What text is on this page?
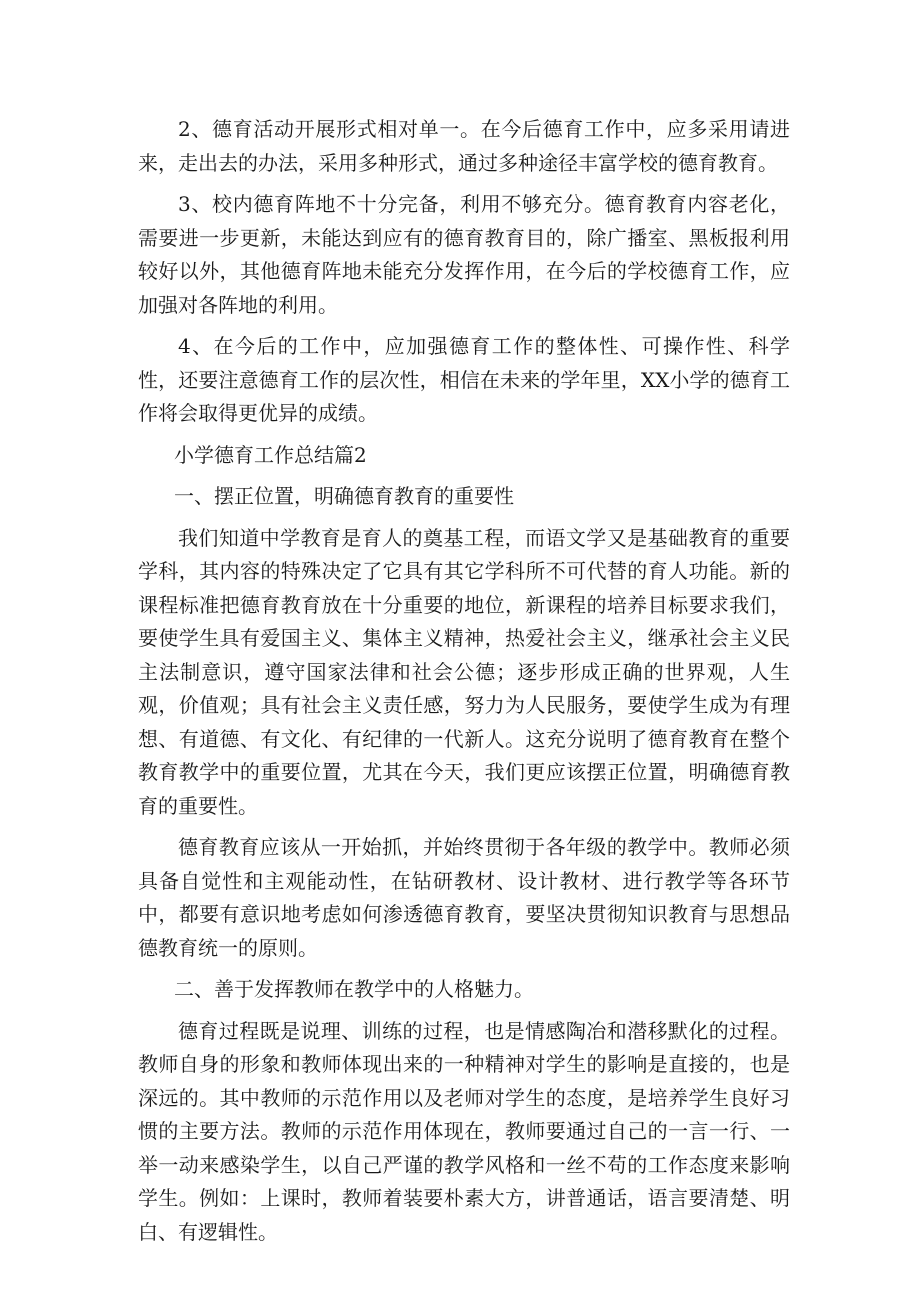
2、德育活动开展形式相对单一。在今后德育工作中，应多采用请进来，走出去的办法，采用多种形式，通过多种途径丰富学校的德育教育。

3、校内德育阵地不十分完备，利用不够充分。德育教育内容老化，需要进一步更新，未能达到应有的德育教育目的，除广播室、黑板报利用较好以外，其他德育阵地未能充分发挥作用，在今后的学校德育工作，应加强对各阵地的利用。

4、在今后的工作中，应加强德育工作的整体性、可操作性、科学性，还要注意德育工作的层次性，相信在未来的学年里，XX小学的德育工作将会取得更优异的成绩。

小学德育工作总结篇2

一、摆正位置，明确德育教育的重要性

我们知道中学教育是育人的奠基工程，而语文学又是基础教育的重要学科，其内容的特殊决定了它具有其它学科所不可代替的育人功能。新的课程标准把德育教育放在十分重要的地位，新课程的培养目标要求我们，要使学生具有爱国主义、集体主义精神，热爱社会主义，继承社会主义民主法制意识，遵守国家法律和社会公德；逐步形成正确的世界观，人生观，价值观；具有社会主义责任感，努力为人民服务，要使学生成为有理想、有道德、有文化、有纪律的一代新人。这充分说明了德育教育在整个教育教学中的重要位置，尤其在今天，我们更应该摆正位置，明确德育教育的重要性。

德育教育应该从一开始抓，并始终贯彻于各年级的教学中。教师必须具备自觉性和主观能动性，在钻研教材、设计教材、进行教学等各环节中，都要有意识地考虑如何渗透德育教育，要坚决贯彻知识教育与思想品德教育统一的原则。

二、善于发挥教师在教学中的人格魅力。

德育过程既是说理、训练的过程，也是情感陶冶和潜移默化的过程。教师自身的形象和教师体现出来的一种精神对学生的影响是直接的，也是深远的。其中教师的示范作用以及老师对学生的态度，是培养学生良好习惯的主要方法。教师的示范作用体现在，教师要通过自己的一言一行、一举一动来感染学生，以自己严谨的教学风格和一丝不苟的工作态度来影响学生。例如：上课时，教师着装要朴素大方，讲普通话，语言要清楚、明白、有逻辑性。
